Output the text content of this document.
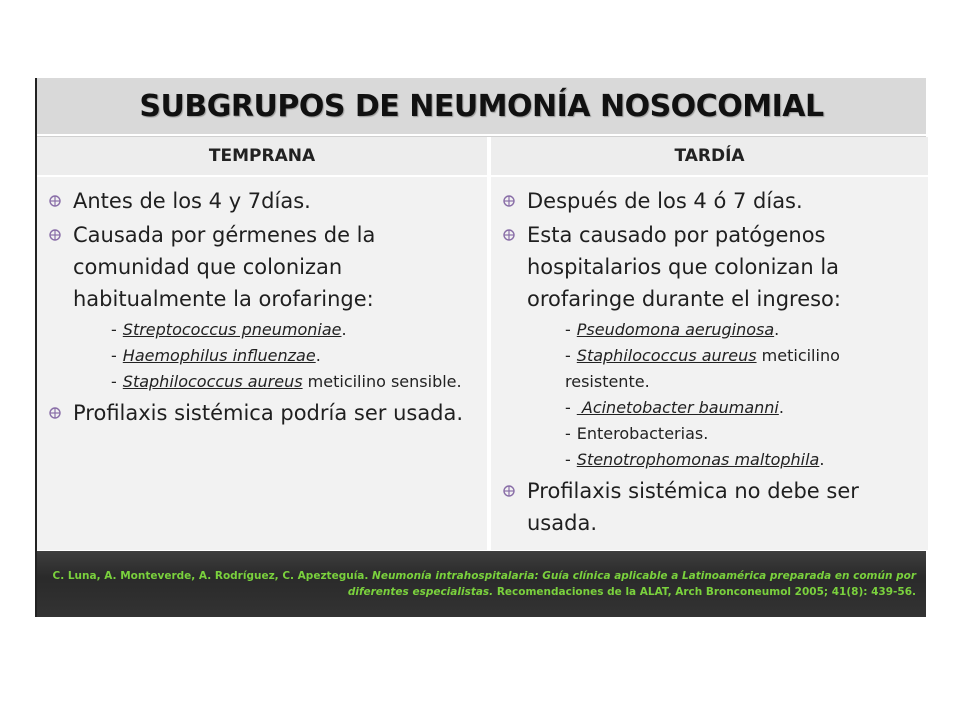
SUBGRUPOS DE NEUMONÍA NOSOCOMIAL
TEMPRANA
Antes de los 4 y 7días.
Causada por gérmenes de la comunidad que colonizan habitualmente la orofaringe:
- Streptococcus pneumoniae.
- Haemophilus influenzae.
- Staphilococcus aureus meticilino sensible.
Profilaxis sistémica podría ser usada.
TARDÍA
Después de los 4 ó 7 días.
Esta causado por patógenos hospitalarios que colonizan la orofaringe durante el ingreso:
- Pseudomona aeruginosa.
- Staphilococcus aureus meticilino resistente.
- Acinetobacter baumanni.
- Enterobacterias.
- Stenotrophomonas maltophila.
Profilaxis sistémica no debe ser usada.
C. Luna, A. Monteverde, A. Rodríguez, C. Apezteguía. Neumonía intrahospitalaria: Guía clínica aplicable a Latinoamérica preparada en común por diferentes especialistas. Recomendaciones de la ALAT, Arch Bronconeumol 2005; 41(8): 439-56.
